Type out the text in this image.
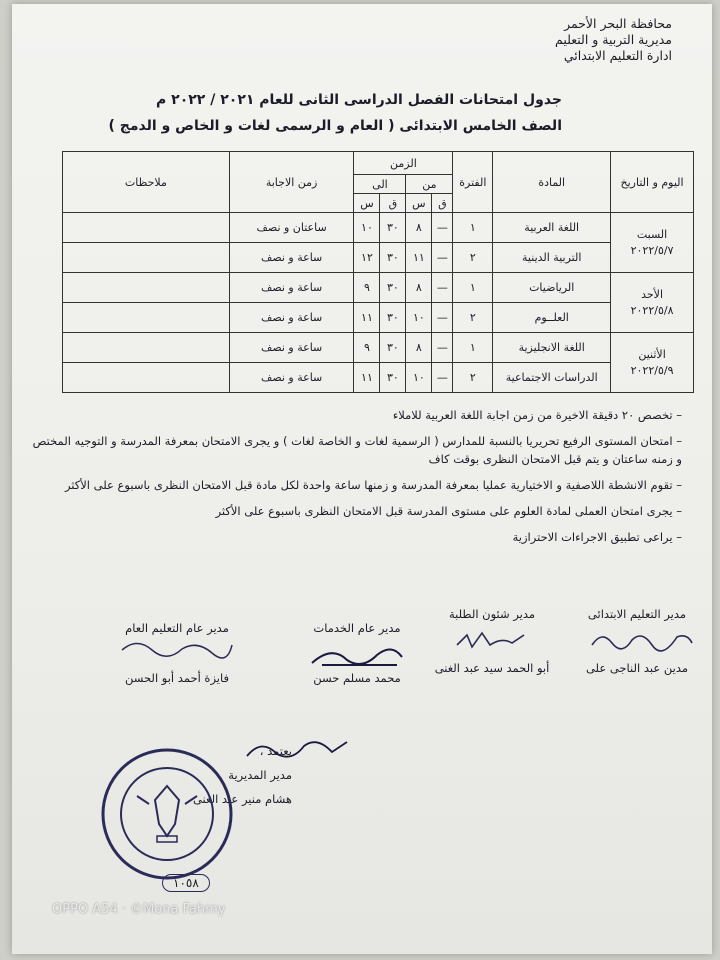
محافظة البحر الأحمر
مديرية التربية و التعليم
ادارة التعليم الابتدائي
جدول امتحانات الفصل الدراسى الثانى للعام ٢٠٢١ / ٢٠٢٢ م
الصف الخامس الابتدائى ( العام و الرسمى لغات و الخاص و الدمج )
اليوم و التاريخ	المادة	الفترة	الزمن				زمن الاجابة	ملاحظات
			من		الى			
			ق	س	ق	س		

السبت
٢٠٢٢/٥/٧	اللغة العربية	١	—	٨	٣٠	١٠	ساعتان و نصف	
	التربية الدينية	٢	—	١١	٣٠	١٢	ساعة و نصف	

الأحد
٢٠٢٢/٥/٨	الرياضيات	١	—	٨	٣٠	٩	ساعة و نصف	
	العلــوم	٢	—	١٠	٣٠	١١	ساعة و نصف	

الأثنين
٢٠٢٢/٥/٩	اللغة الانجليزية	١	—	٨	٣٠	٩	ساعة و نصف	
	الدراسات الاجتماعية	٢	—	١٠	٣٠	١١	ساعة و نصف	

– تخصص ٢٠ دقيقة الاخيرة من زمن اجابة اللغة العربية للاملاء

– امتحان المستوى الرفيع تحريريا بالنسبة للمدارس ( الرسمية لغات و الخاصة لغات ) و يجرى الامتحان بمعرفة المدرسة و التوجيه المختص و زمنه ساعتان و يتم قبل الامتحان النظرى بوقت كاف

– تقوم الانشطة اللاصفية و الاختيارية عمليا بمعرفة المدرسة و زمنها ساعة واحدة لكل مادة قبل الامتحان النظرى باسبوع على الأكثر

– يجرى امتحان العملى لمادة العلوم على مستوى المدرسة قبل الامتحان النظرى باسبوع على الأكثر

– يراعى تطبيق الاجراءات الاحترازية

مدير التعليم الابتدائى
مدين عبد الناجى على
مدير شئون الطلبة
أبو الحمد سيد عبد الغنى
مدير عام الخدمات
محمد مسلم حسن
مدير عام التعليم العام
فايزة أحمد أبو الحسن
يعتمد ،
مدير المديرية
هشام منير عبد الغنى
١٠٥٨
OPPO A54 · ©Mona Fahmy
